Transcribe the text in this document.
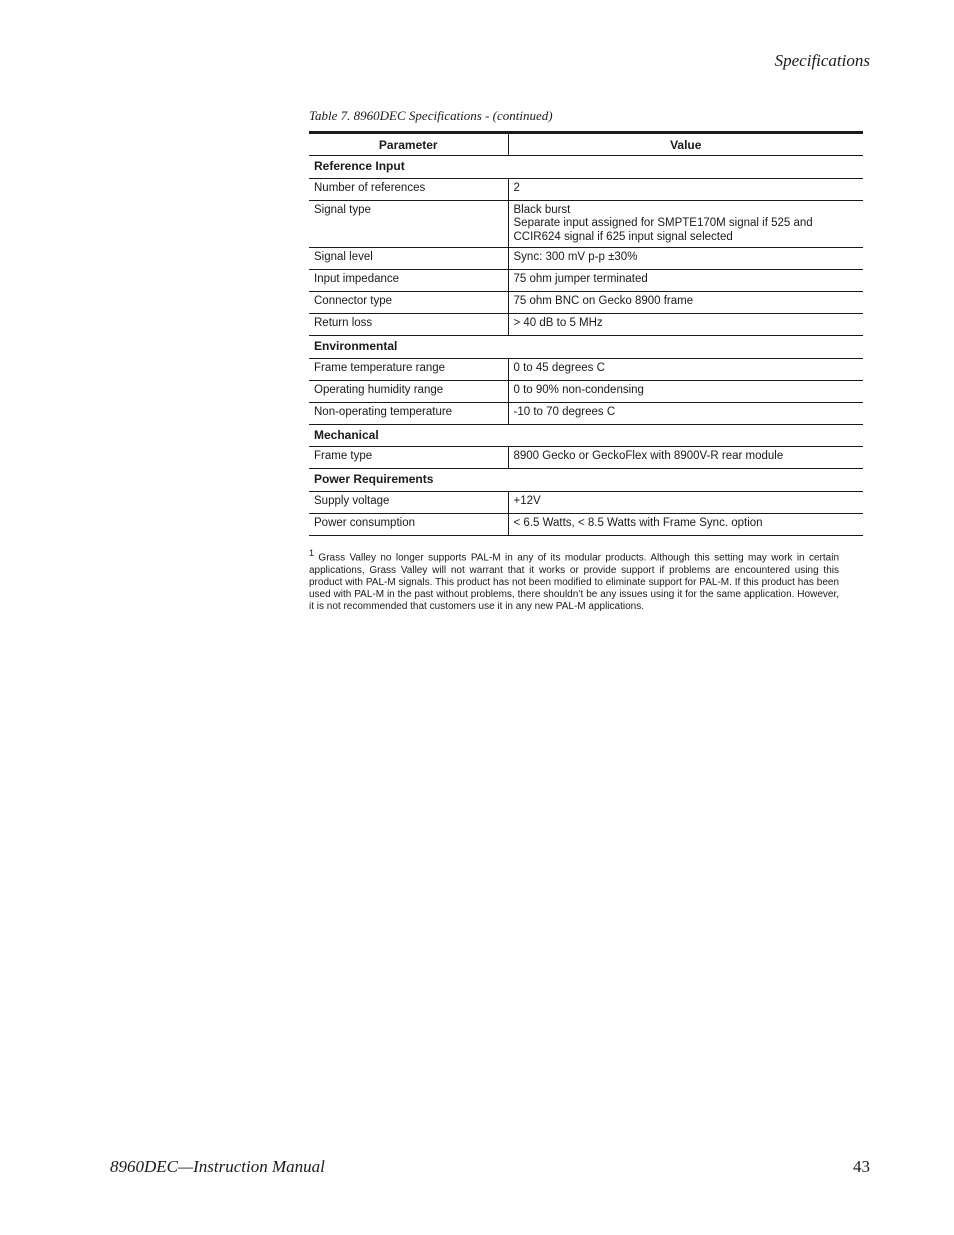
Specifications
Table 7. 8960DEC Specifications - (continued)
Parameter	Value
Reference Input	
Number of references	2

Signal type	Black burst
Separate input assigned for SMPTE170M signal if 525 and
CCIR624 signal if 625 input signal selected

Signal level	Sync: 300 mV p-p ±30%

Input impedance	75 ohm jumper terminated

Connector type	75 ohm BNC on Gecko 8900 frame

Return loss	> 40 dB to 5 MHz

Environmental	
Frame temperature range	0 to 45 degrees C

Operating humidity range	0 to 90% non-condensing

Non-operating temperature	-10 to 70 degrees C

Mechanical	
Frame type	8900 Gecko or GeckoFlex with 8900V-R rear module

Power Requirements	
Supply voltage	+12V

Power consumption	< 6.5 Watts, < 8.5 Watts with Frame Sync. option
$^1$ Grass Valley no longer supports PAL-M in any of its modular products. Although this setting may work in certain applications, Grass Valley will not warrant that it works or provide support if problems are encountered using this product with PAL-M signals. This product has not been modified to eliminate support for PAL-M. If this product has been used with PAL-M in the past without problems, there shouldn’t be any issues using it for the same application. However, it is not recommended that customers use it in any new PAL-M applications.
8960DEC—Instruction Manual	43
